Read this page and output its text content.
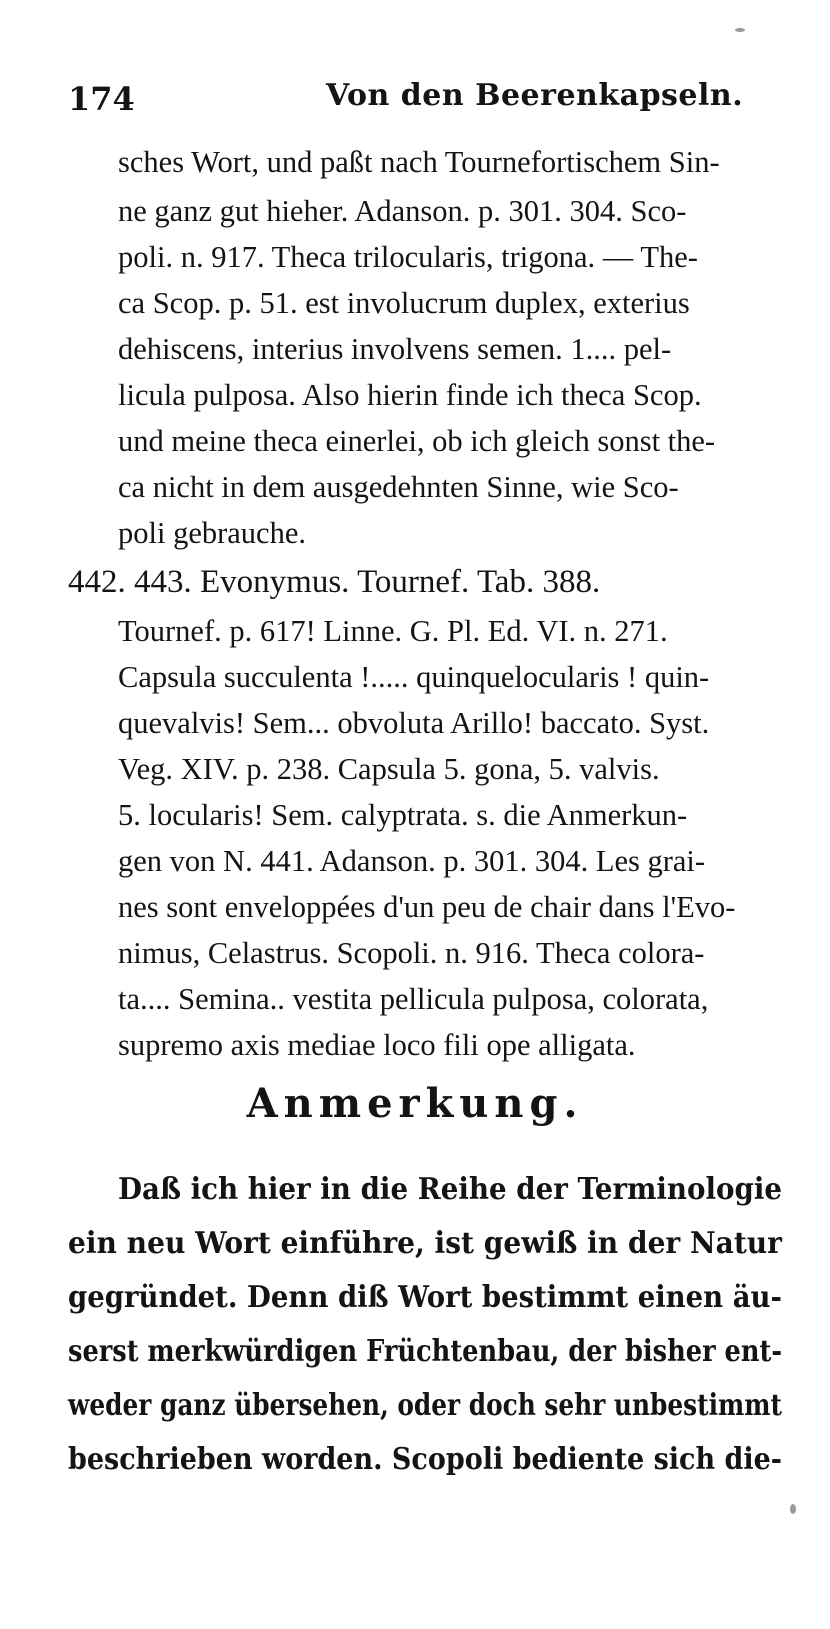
174	Von den Beerenkapseln.
sches Wort, und paßt nach Tournefortischem Sin-
ne ganz gut hieher. Adanson. p. 301. 304. Sco-
poli. n. 917. Theca trilocularis, trigona. — The-
ca Scop. p. 51. est involucrum duplex, exterius
dehiscens, interius involvens semen. 1.... pel-
licula pulposa. Also hierin finde ich theca Scop.
und meine theca einerlei, ob ich gleich sonst the-
ca nicht in dem ausgedehnten Sinne, wie Sco-
poli gebrauche.
442. 443. Evonymus. Tournef. Tab. 388.
Tournef. p. 617! Linne. G. Pl. Ed. VI. n. 271.
Capsula succulenta !..... quinquelocularis ! quin-
quevalvis! Sem... obvoluta Arillo! baccato. Syst.
Veg. XIV. p. 238. Capsula 5. gona, 5. valvis.
5. locularis! Sem. calyptrata. s. die Anmerkun-
gen von N. 441. Adanson. p. 301. 304. Les grai-
nes sont enveloppées d'un peu de chair dans l'Evo-
nimus, Celastrus. Scopoli. n. 916. Theca colora-
ta.... Semina.. vestita pellicula pulposa, colorata,
supremo axis mediae loco fili ope alligata.
Anmerkung.
Daß ich hier in die Reihe der Terminologie
ein neu Wort einführe, ist gewiß in der Natur
gegründet. Denn diß Wort bestimmt einen äu-
serst merkwürdigen Früchtenbau, der bisher ent-
weder ganz übersehen, oder doch sehr unbestimmt
beschrieben worden. Scopoli bediente sich die-
